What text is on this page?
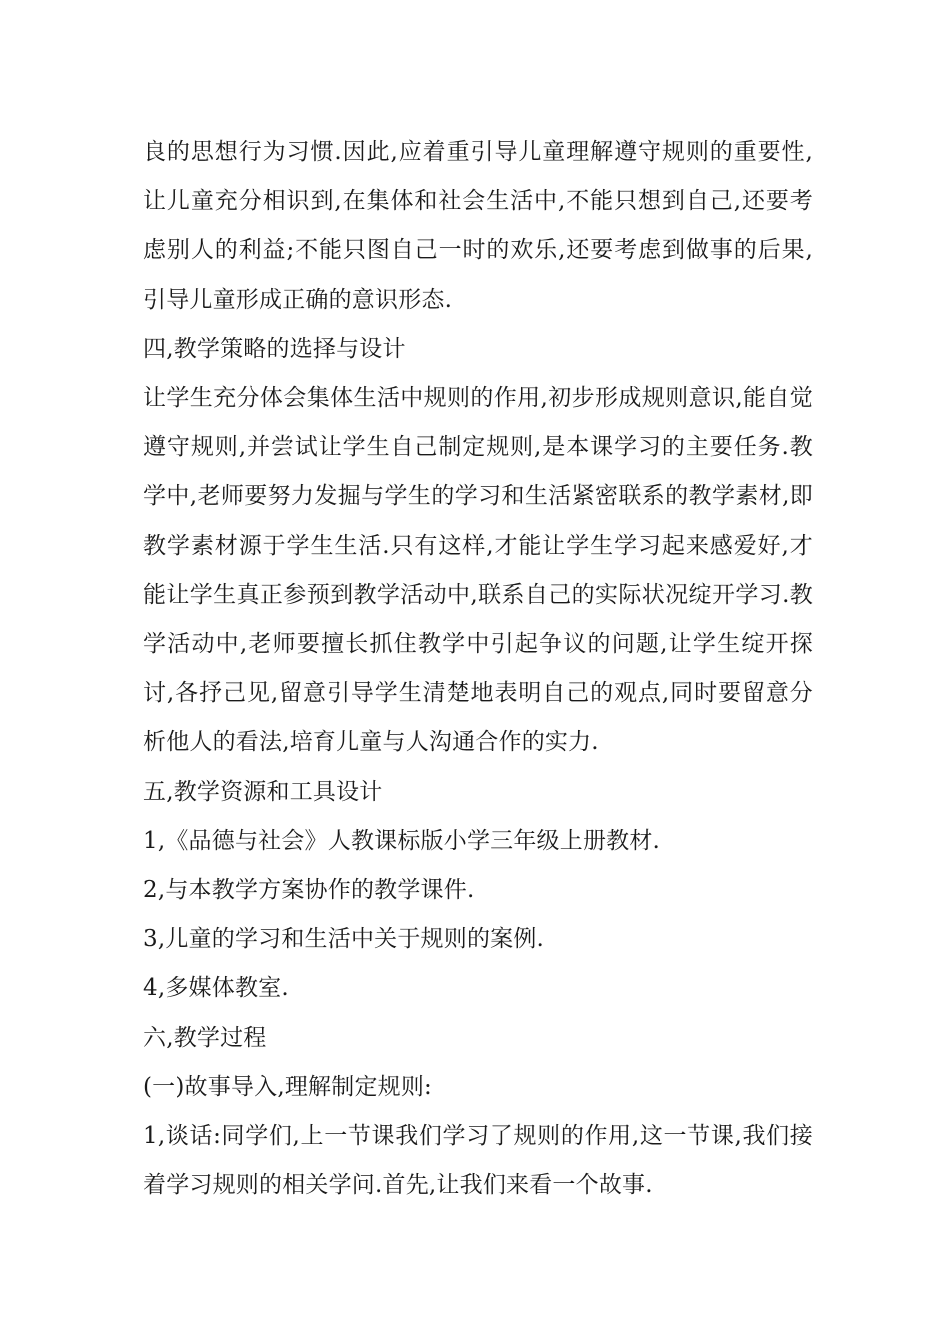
良的思想行为习惯.因此,应着重引导儿童理解遵守规则的重要性,让儿童充分相识到,在集体和社会生活中,不能只想到自己,还要考虑别人的利益;不能只图自己一时的欢乐,还要考虑到做事的后果,引导儿童形成正确的意识形态.

四,教学策略的选择与设计

让学生充分体会集体生活中规则的作用,初步形成规则意识,能自觉遵守规则,并尝试让学生自己制定规则,是本课学习的主要任务.教学中,老师要努力发掘与学生的学习和生活紧密联系的教学素材,即教学素材源于学生生活.只有这样,才能让学生学习起来感爱好,才能让学生真正参预到教学活动中,联系自己的实际状况绽开学习.教学活动中,老师要擅长抓住教学中引起争议的问题,让学生绽开探讨,各抒己见,留意引导学生清楚地表明自己的观点,同时要留意分析他人的看法,培育儿童与人沟通合作的实力.

五,教学资源和工具设计

1,《品德与社会》人教课标版小学三年级上册教材.

2,与本教学方案协作的教学课件.

3,儿童的学习和生活中关于规则的案例.

4,多媒体教室.

六,教学过程

(一)故事导入,理解制定规则:

1,谈话:同学们,上一节课我们学习了规则的作用,这一节课,我们接着学习规则的相关学问.首先,让我们来看一个故事.
